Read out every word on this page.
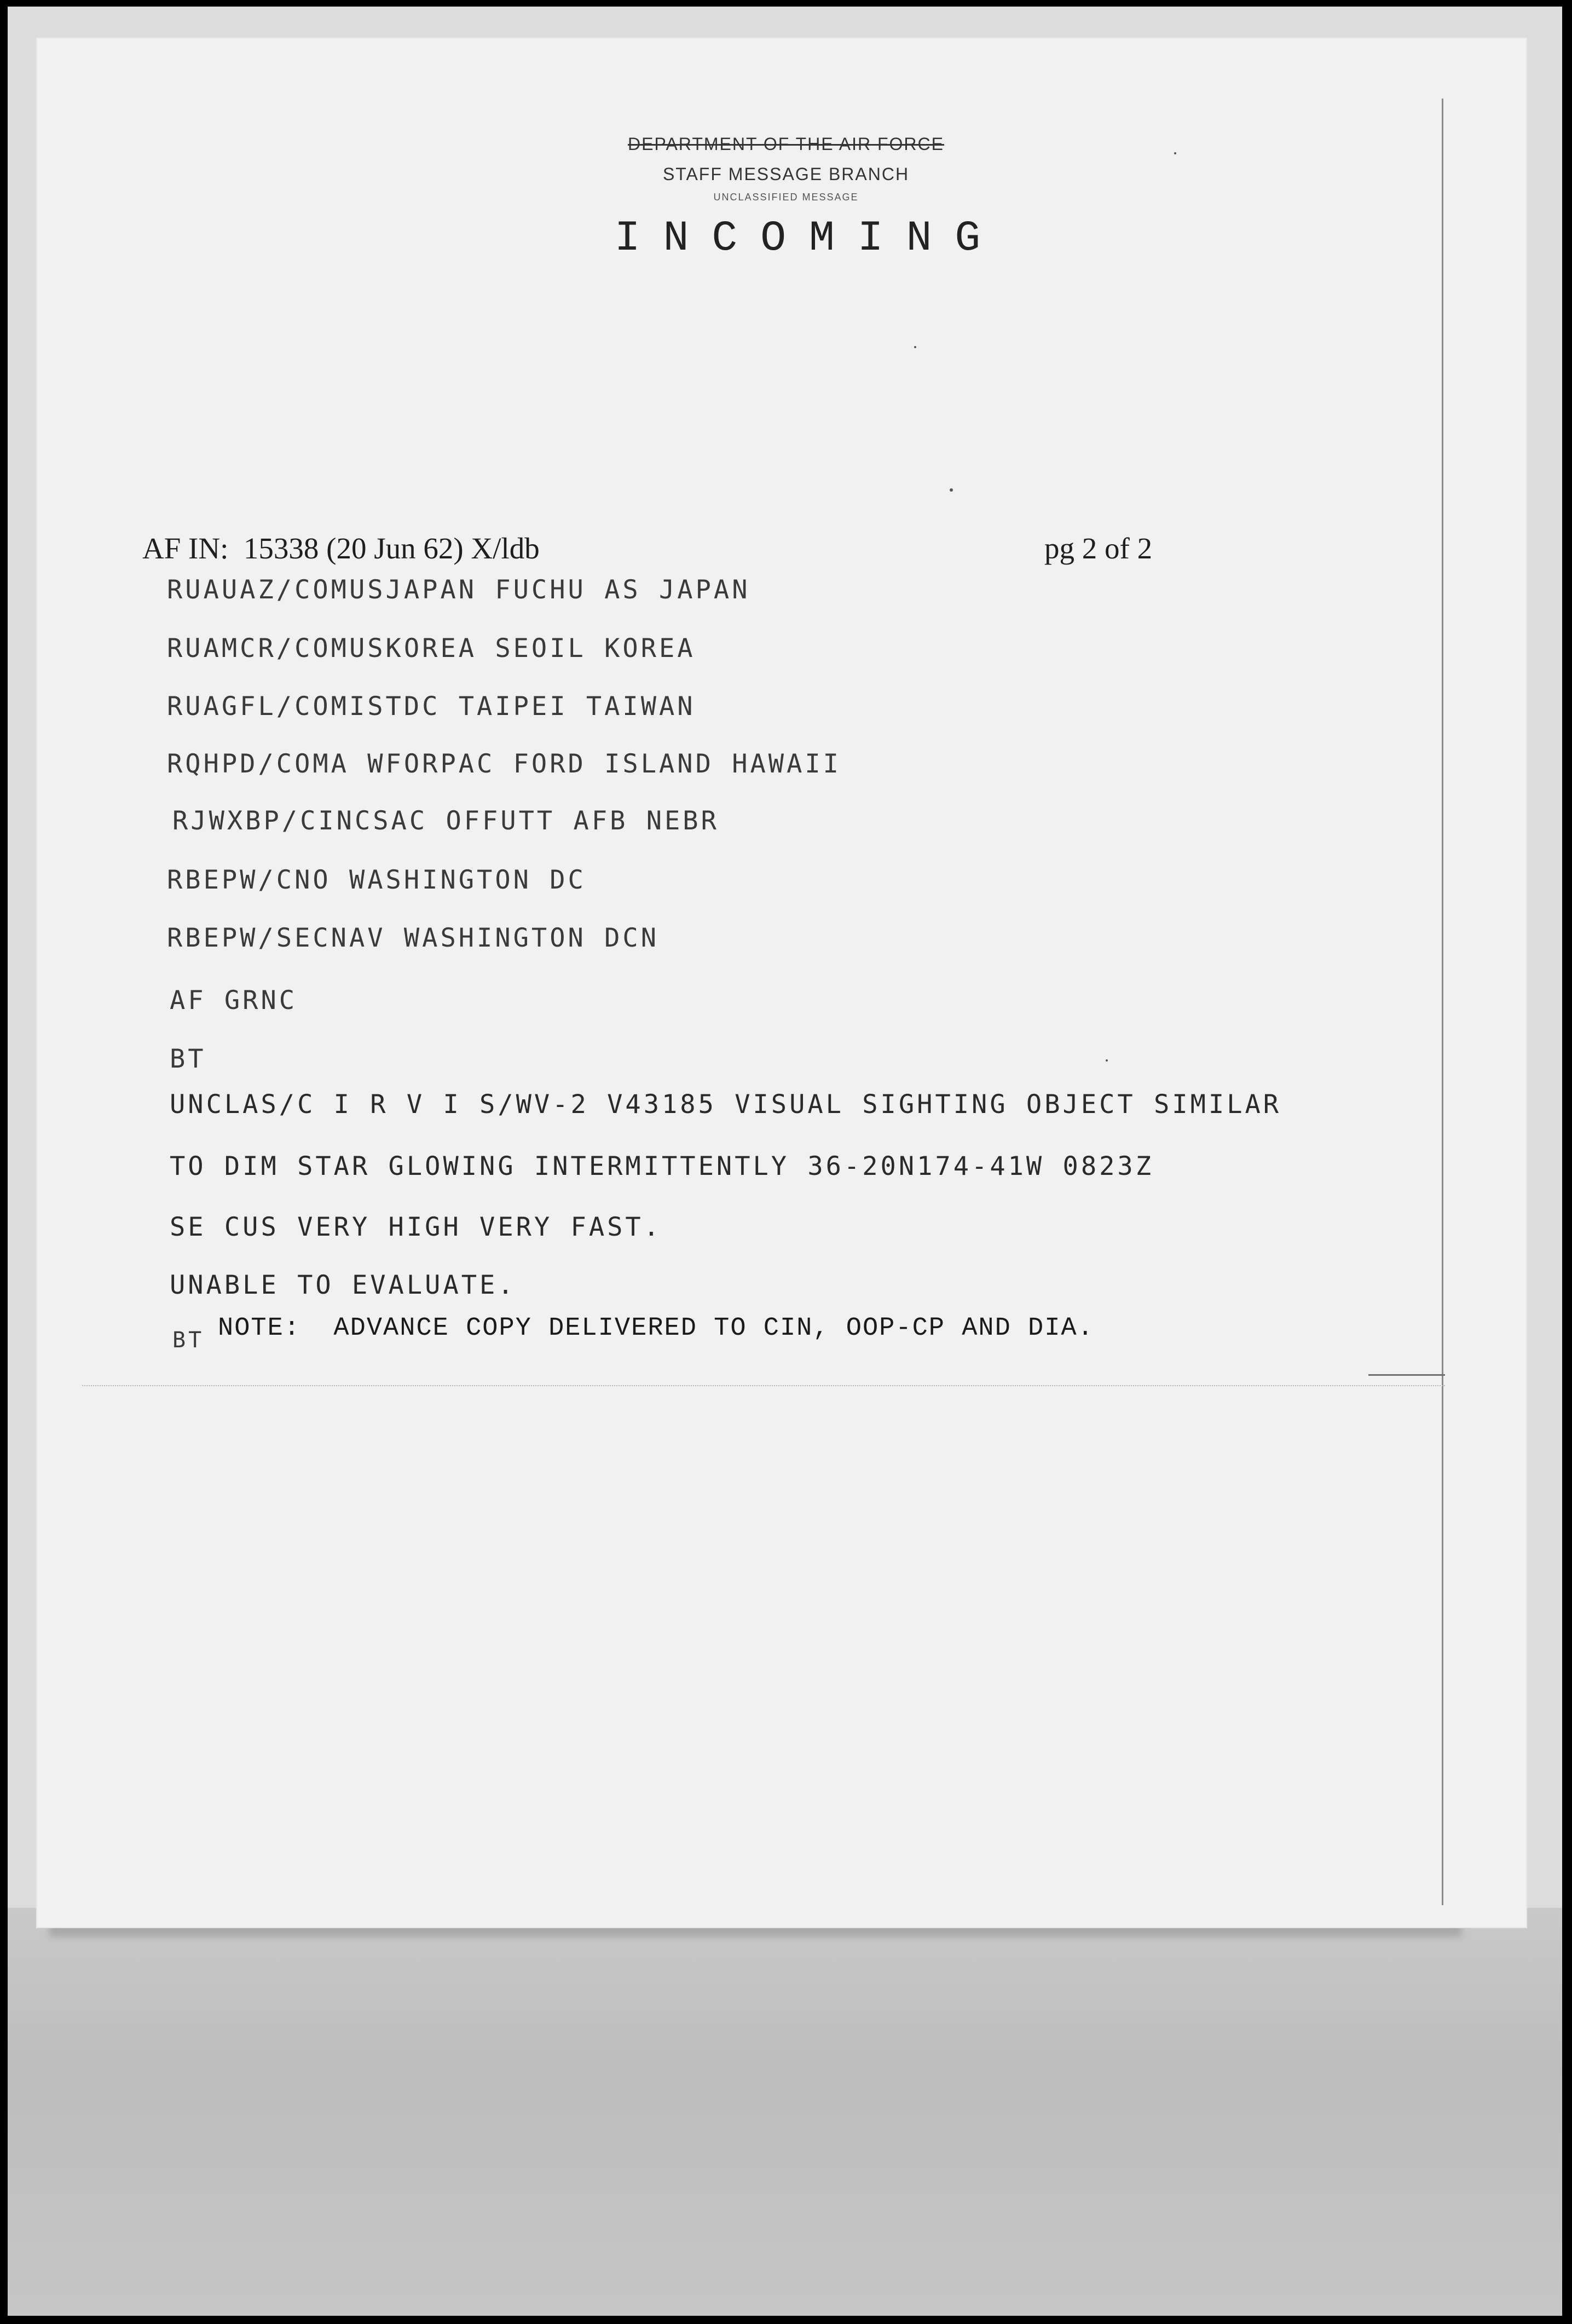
DEPARTMENT OF THE AIR FORCE
STAFF MESSAGE BRANCH
UNCLASSIFIED MESSAGE
INCOMING
AF IN:  15338 (20 Jun 62) X/ldb	pg 2 of 2
RUAUAZ/COMUSJAPAN FUCHU AS JAPAN
RUAMCR/COMUSKOREA SEOIL KOREA
RUAGFL/COMISTDC TAIPEI TAIWAN
RQHPD/COMA WFORPAC FORD ISLAND HAWAII
RJWXBP/CINCSAC OFFUTT AFB NEBR
RBEPW/CNO WASHINGTON DC
RBEPW/SECNAV WASHINGTON DCN
AF GRNC
BT
UNCLAS/C I R V I S/WV-2 V43185 VISUAL SIGHTING OBJECT SIMILAR
TO DIM STAR GLOWING INTERMITTENTLY 36-20N174-41W 0823Z
SE CUS VERY HIGH VERY FAST.
UNABLE TO EVALUATE.
BT NOTE:  ADVANCE COPY DELIVERED TO CIN, OOP-CP AND DIA.
